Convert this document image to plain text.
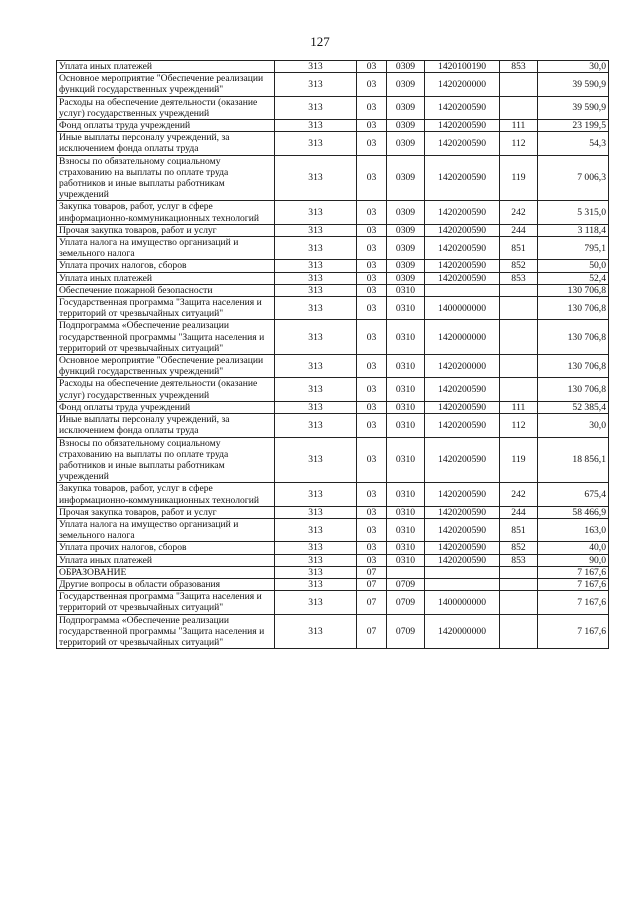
127
Уплата иных платежей	313	03	0309	1420100190	853	30,0
Основное мероприятие "Обеспечение реализации функций государственных учреждений"	313	03	0309	1420200000		39 590,9
Расходы на обеспечение деятельности (оказание услуг) государственных учреждений	313	03	0309	1420200590		39 590,9
Фонд оплаты труда учреждений	313	03	0309	1420200590	111	23 199,5
Иные выплаты персоналу учреждений, за исключением фонда оплаты труда	313	03	0309	1420200590	112	54,3
Взносы по обязательному социальному страхованию на выплаты по оплате труда работников и иные выплаты работникам учреждений	313	03	0309	1420200590	119	7 006,3
Закупка товаров, работ, услуг в сфере информационно-коммуникационных технологий	313	03	0309	1420200590	242	5 315,0
Прочая закупка товаров, работ и услуг	313	03	0309	1420200590	244	3 118,4
Уплата налога на имущество организаций и земельного налога	313	03	0309	1420200590	851	795,1
Уплата прочих налогов, сборов	313	03	0309	1420200590	852	50,0
Уплата иных платежей	313	03	0309	1420200590	853	52,4
Обеспечение пожарной безопасности	313	03	0310			130 706,8
Государственная программа "Защита населения и территорий от чрезвычайных ситуаций"	313	03	0310	1400000000		130 706,8
Подпрограмма «Обеспечение реализации государственной программы "Защита населения и территорий от чрезвычайных ситуаций"	313	03	0310	1420000000		130 706,8
Основное мероприятие "Обеспечение реализации функций государственных учреждений"	313	03	0310	1420200000		130 706,8
Расходы на обеспечение деятельности (оказание услуг) государственных учреждений	313	03	0310	1420200590		130 706,8
Фонд оплаты труда учреждений	313	03	0310	1420200590	111	52 385,4
Иные выплаты персоналу учреждений, за исключением фонда оплаты труда	313	03	0310	1420200590	112	30,0
Взносы по обязательному социальному страхованию на выплаты по оплате труда работников и иные выплаты работникам учреждений	313	03	0310	1420200590	119	18 856,1
Закупка товаров, работ, услуг в сфере информационно-коммуникационных технологий	313	03	0310	1420200590	242	675,4
Прочая закупка товаров, работ и услуг	313	03	0310	1420200590	244	58 466,9
Уплата налога на имущество организаций и земельного налога	313	03	0310	1420200590	851	163,0
Уплата прочих налогов, сборов	313	03	0310	1420200590	852	40,0
Уплата иных платежей	313	03	0310	1420200590	853	90,0
ОБРАЗОВАНИЕ	313	07				7 167,6
Другие вопросы в области образования	313	07	0709			7 167,6
Государственная программа "Защита населения и территорий от чрезвычайных ситуаций"	313	07	0709	1400000000		7 167,6
Подпрограмма «Обеспечение реализации государственной программы "Защита населения и территорий от чрезвычайных ситуаций"	313	07	0709	1420000000		7 167,6
